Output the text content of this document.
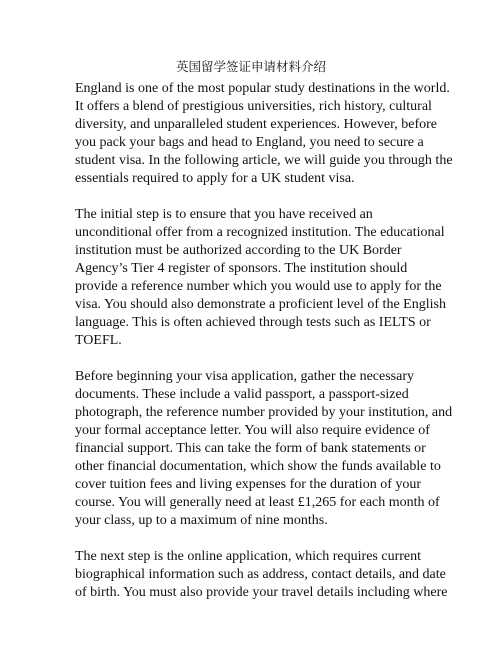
英国留学签证申请材料介绍
England is one of the most popular study destinations in the world.
It offers a blend of prestigious universities, rich history, cultural
diversity, and unparalleled student experiences. However, before
you pack your bags and head to England, you need to secure a
student visa. In the following article, we will guide you through the
essentials required to apply for a UK student visa.
The initial step is to ensure that you have received an
unconditional offer from a recognized institution. The educational
institution must be authorized according to the UK Border
Agency’s Tier 4 register of sponsors. The institution should
provide a reference number which you would use to apply for the
visa. You should also demonstrate a proficient level of the English
language. This is often achieved through tests such as IELTS or
TOEFL.
Before beginning your visa application, gather the necessary
documents. These include a valid passport, a passport-sized
photograph, the reference number provided by your institution, and
your formal acceptance letter. You will also require evidence of
financial support. This can take the form of bank statements or
other financial documentation, which show the funds available to
cover tuition fees and living expenses for the duration of your
course. You will generally need at least £1,265 for each month of
your class, up to a maximum of nine months.
The next step is the online application, which requires current
biographical information such as address, contact details, and date
of birth. You must also provide your travel details including where
